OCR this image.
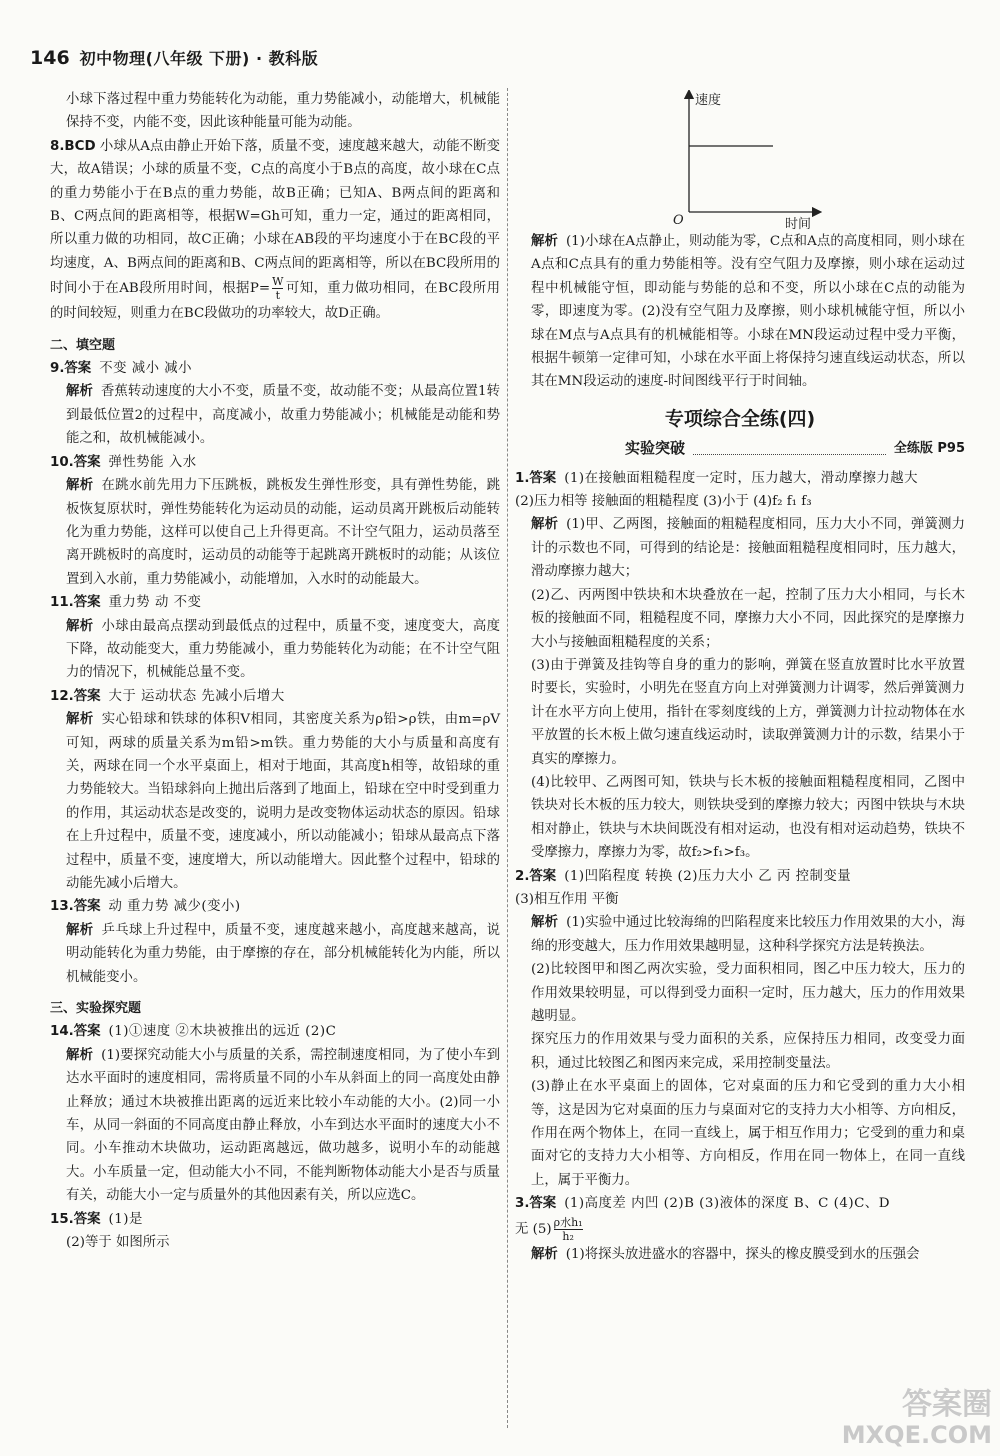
146 初中物理(八年级 下册) · 教科版

小球下落过程中重力势能转化为动能，重力势能减小，动能增大，机械能保持不变，内能不变，因此该种能量可能为动能。

8.BCD 小球从A点由静止开始下落，质量不变，速度越来越大，动能不断变大，故A错误；小球的质量不变，C点的高度小于B点的高度，故小球在C点的重力势能小于在B点的重力势能，故B正确；已知A、B两点间的距离和B、C两点间的距离相等，根据W=Gh可知，重力一定，通过的距离相同，所以重力做的功相同，故C正确；小球在AB段的平均速度小于在BC段的平均速度，A、B两点间的距离和B、C两点间的距离相等，所以在BC段所用的时间小于在AB段所用时间，根据$P= \frac{W}{t}$ 可知，重力做功相同，在BC段所用的时间较短，则重力在BC段做功的功率较大，故D正确。

二、填空题

9.答案 不变 减小 减小

解析 香蕉转动速度的大小不变，质量不变，故动能不变；从最高位置1转到最低位置2的过程中，高度减小，故重力势能减小；机械能是动能和势能之和，故机械能减小。

10.答案 弹性势能 入水

解析 在跳水前先用力下压跳板，跳板发生弹性形变，具有弹性势能，跳板恢复原状时，弹性势能转化为运动员的动能，运动员离开跳板后动能转化为重力势能，这样可以使自己上升得更高。不计空气阻力，运动员落至离开跳板时的高度时，运动员的动能等于起跳离开跳板时的动能；从该位置到入水前，重力势能减小，动能增加，入水时的动能最大。

11.答案 重力势 动 不变

解析 小球由最高点摆动到最低点的过程中，质量不变，速度变大，高度下降，故动能变大，重力势能减小，重力势能转化为动能；在不计空气阻力的情况下，机械能总量不变。

12.答案 大于 运动状态 先减小后增大

解析 实心铅球和铁球的体积V相同，其密度关系为ρ铅>ρ铁，由m=ρV可知，两球的质量关系为m铅>m铁。重力势能的大小与质量和高度有关，两球在同一个水平桌面上，相对于地面，其高度h相等，故铅球的重力势能较大。当铅球斜向上抛出后落到了地面上，铅球在空中时受到重力的作用，其运动状态是改变的，说明力是改变物体运动状态的原因。铅球在上升过程中，质量不变，速度减小，所以动能减小；铅球从最高点下落过程中，质量不变，速度增大，所以动能增大。因此整个过程中，铅球的动能先减小后增大。

13.答案 动 重力势 减少(变小)

解析 乒乓球上升过程中，质量不变，速度越来越小，高度越来越高，说明动能转化为重力势能，由于摩擦的存在，部分机械能转化为内能，所以机械能变小。

三、实验探究题

14.答案 (1)①速度 ②木块被推出的远近 (2)C

解析 (1)要探究动能大小与质量的关系，需控制速度相同，为了使小车到达水平面时的速度相同，需将质量不同的小车从斜面上的同一高度处由静止释放；通过木块被推出距离的远近来比较小车动能的大小。(2)同一小车，从同一斜面的不同高度由静止释放，小车到达水平面时的速度大小不同。小车推动木块做功，运动距离越远，做功越多，说明小车的动能越大。小车质量一定，但动能大小不同，不能判断物体动能大小是否与质量有关，动能大小一定与质量外的其他因素有关，所以应选C。

15.答案 (1)是

(2)等于 如图所示

速度
时间
O

解析 (1)小球在A点静止，则动能为零，C点和A点的高度相同，则小球在A点和C点具有的重力势能相等。没有空气阻力及摩擦，则小球在运动过程中机械能守恒，即动能与势能的总和不变，所以小球在C点的动能为零，即速度为零。(2)没有空气阻力及摩擦，则小球机械能守恒，所以小球在M点与A点具有的机械能相等。小球在MN段运动过程中受力平衡，根据牛顿第一定律可知，小球在水平面上将保持匀速直线运动状态，所以其在MN段运动的速度-时间图线平行于时间轴。

专项综合全练(四)
实验突破	全练版 P95

1.答案 (1)在接触面粗糙程度一定时，压力越大，滑动摩擦力越大

(2)压力相等 接触面的粗糙程度 (3)小于 (4)f₂ f₁ f₃

解析 (1)甲、乙两图，接触面的粗糙程度相同，压力大小不同，弹簧测力计的示数也不同，可得到的结论是：接触面粗糙程度相同时，压力越大，滑动摩擦力越大；

(2)乙、丙两图中铁块和木块叠放在一起，控制了压力大小相同，与长木板的接触面不同，粗糙程度不同，摩擦力大小不同，因此探究的是摩擦力大小与接触面粗糙程度的关系；

(3)由于弹簧及挂钩等自身的重力的影响，弹簧在竖直放置时比水平放置时要长，实验时，小明先在竖直方向上对弹簧测力计调零，然后弹簧测力计在水平方向上使用，指针在零刻度线的上方，弹簧测力计拉动物体在水平放置的长木板上做匀速直线运动时，读取弹簧测力计的示数，结果小于真实的摩擦力。

(4)比较甲、乙两图可知，铁块与长木板的接触面粗糙程度相同，乙图中铁块对长木板的压力较大，则铁块受到的摩擦力较大；丙图中铁块与木块相对静止，铁块与木块间既没有相对运动，也没有相对运动趋势，铁块不受摩擦力，摩擦力为零，故f₂>f₁>f₃。

2.答案 (1)凹陷程度 转换 (2)压力大小 乙 丙 控制变量

(3)相互作用 平衡

解析 (1)实验中通过比较海绵的凹陷程度来比较压力作用效果的大小，海绵的形变越大，压力作用效果越明显，这种科学探究方法是转换法。

(2)比较图甲和图乙两次实验，受力面积相同，图乙中压力较大，压力的作用效果较明显，可以得到受力面积一定时，压力越大，压力的作用效果越明显。

探究压力的作用效果与受力面积的关系，应保持压力相同，改变受力面积，通过比较图乙和图丙来完成，采用控制变量法。

(3)静止在水平桌面上的固体，它对桌面的压力和它受到的重力大小相等，这是因为它对桌面的压力与桌面对它的支持力大小相等、方向相反，作用在两个物体上，在同一直线上，属于相互作用力；它受到的重力和桌面对它的支持力大小相等、方向相反，作用在同一物体上，在同一直线上，属于平衡力。

3.答案 (1)高度差 内凹 (2)B (3)液体的深度 B、C (4)C、D

无 $(5) \frac{\text{ρ水h₁}}{\text{h₂}}$

解析 (1)将探头放进盛水的容器中，探头的橡皮膜受到水的压强会

答案圈
MXQE.COM
